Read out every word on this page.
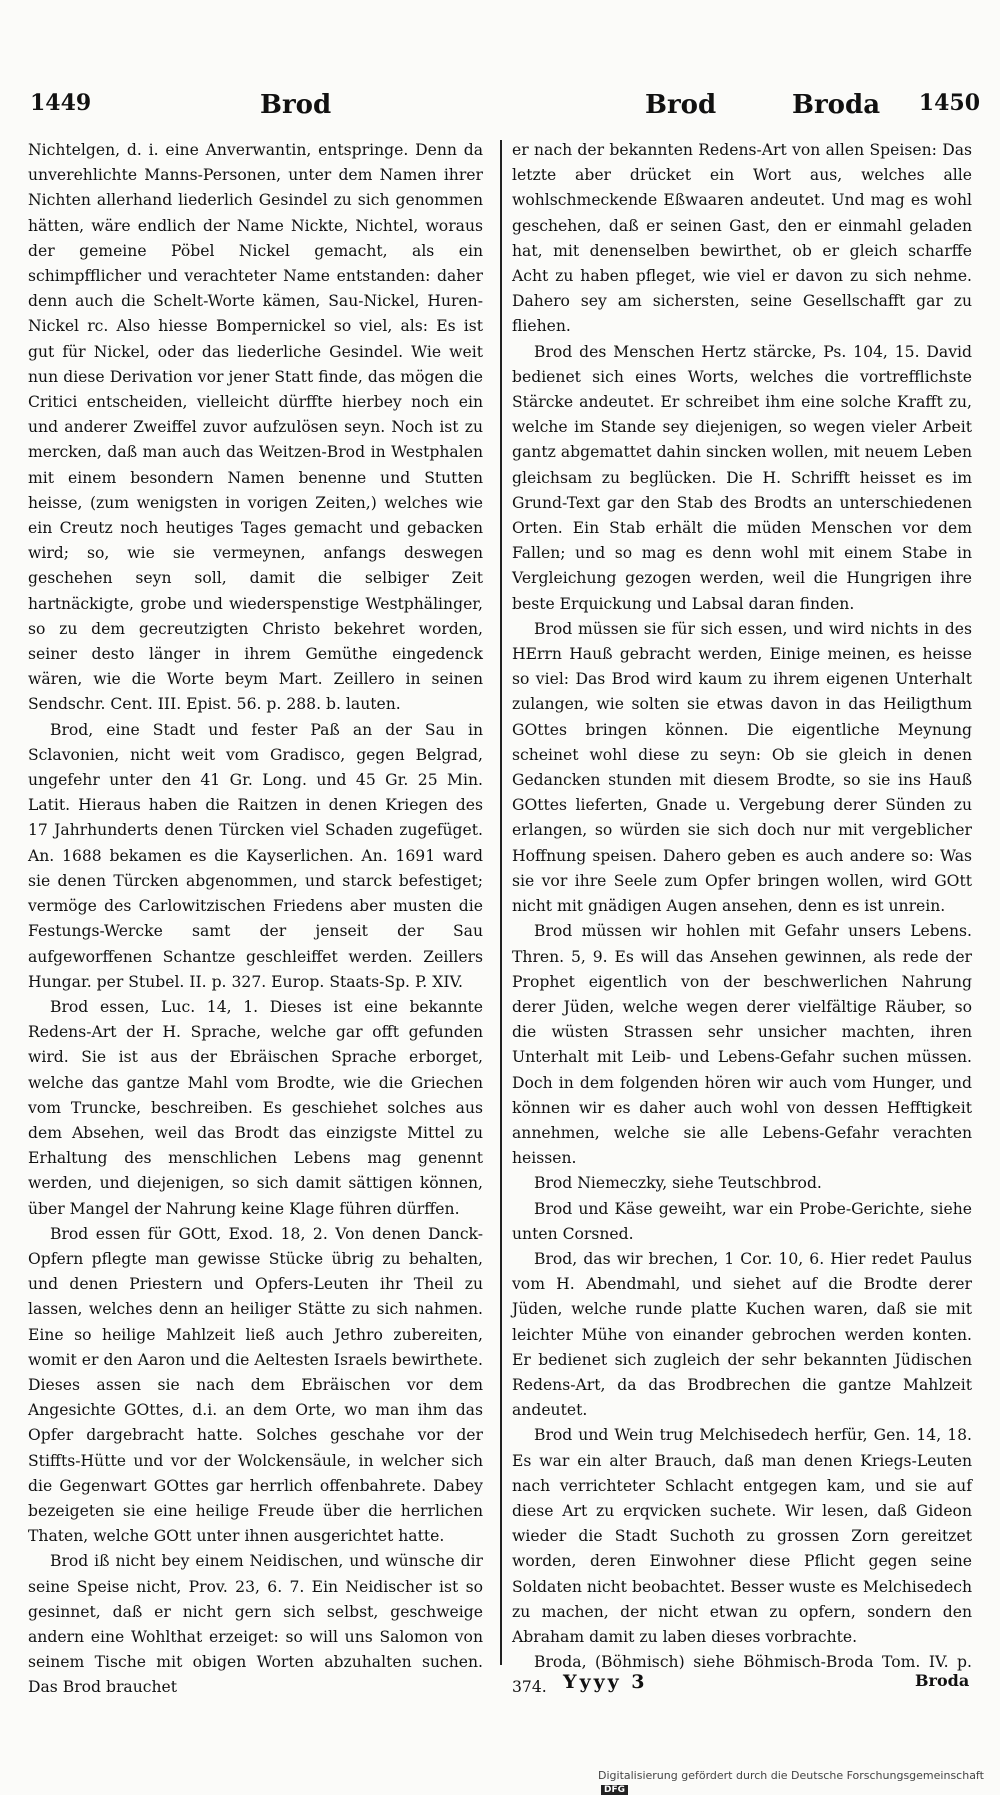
1449	Brod	Brod	Broda 1450

Nichtelgen, d. i. eine Anverwantin, entspringe. Denn da unverehlichte Manns-Personen, unter dem Namen ihrer Nichten allerhand liederlich Gesindel zu sich genommen hätten, wäre endlich der Name Nickte, Nichtel, woraus der gemeine Pöbel Nickel gemacht, als ein schimpfflicher und verachteter Name entstanden: daher denn auch die Schelt-Worte kämen, Sau-Nickel, Huren-Nickel rc. Also hiesse Bompernickel so viel, als: Es ist gut für Nickel, oder das liederliche Gesindel. Wie weit nun diese Derivation vor jener Statt finde, das mögen die Critici entscheiden, vielleicht dürffte hierbey noch ein und anderer Zweiffel zuvor aufzulösen seyn. Noch ist zu mercken, daß man auch das Weitzen-Brod in Westphalen mit einem besondern Namen benenne und Stutten heisse, (zum wenigsten in vorigen Zeiten,) welches wie ein Creutz noch heutiges Tages gemacht und gebacken wird; so, wie sie vermeynen, anfangs deswegen geschehen seyn soll, damit die selbiger Zeit hartnäckigte, grobe und wiederspenstige Westphälinger, so zu dem gecreutzigten Christo bekehret worden, seiner desto länger in ihrem Gemüthe eingedenck wären, wie die Worte beym Mart. Zeillero in seinen Sendschr. Cent. III. Epist. 56. p. 288. b. lauten.

Brod, eine Stadt und fester Paß an der Sau in Sclavonien, nicht weit vom Gradisco, gegen Belgrad, ungefehr unter den 41 Gr. Long. und 45 Gr. 25 Min. Latit. Hieraus haben die Raitzen in denen Kriegen des 17 Jahrhunderts denen Türcken viel Schaden zugefüget. An. 1688 bekamen es die Kayserlichen. An. 1691 ward sie denen Türcken abgenommen, und starck befestiget; vermöge des Carlowitzischen Friedens aber musten die Festungs-Wercke samt der jenseit der Sau aufgeworffenen Schantze geschleiffet werden. Zeillers Hungar. per Stubel. II. p. 327. Europ. Staats-Sp. P. XIV.

Brod essen, Luc. 14, 1. Dieses ist eine bekannte Redens-Art der H. Sprache, welche gar offt gefunden wird. Sie ist aus der Ebräischen Sprache erborget, welche das gantze Mahl vom Brodte, wie die Griechen vom Truncke, beschreiben. Es geschiehet solches aus dem Absehen, weil das Brodt das einzigste Mittel zu Erhaltung des menschlichen Lebens mag genennt werden, und diejenigen, so sich damit sättigen können, über Mangel der Nahrung keine Klage führen dürffen.

Brod essen für GOtt, Exod. 18, 2. Von denen Danck-Opfern pflegte man gewisse Stücke übrig zu behalten, und denen Priestern und Opfers-Leuten ihr Theil zu lassen, welches denn an heiliger Stätte zu sich nahmen. Eine so heilige Mahlzeit ließ auch Jethro zubereiten, womit er den Aaron und die Aeltesten Israels bewirthete. Dieses assen sie nach dem Ebräischen vor dem Angesichte GOttes, d.i. an dem Orte, wo man ihm das Opfer dargebracht hatte. Solches geschahe vor der Stiffts-Hütte und vor der Wolckensäule, in welcher sich die Gegenwart GOttes gar herrlich offenbahrete. Dabey bezeigeten sie eine heilige Freude über die herrlichen Thaten, welche GOtt unter ihnen ausgerichtet hatte.

Brod iß nicht bey einem Neidischen, und wünsche dir seine Speise nicht, Prov. 23, 6. 7. Ein Neidischer ist so gesinnet, daß er nicht gern sich selbst, geschweige andern eine Wohlthat erzeiget: so will uns Salomon von seinem Tische mit obigen Worten abzuhalten suchen. Das Brod brauchet

er nach der bekannten Redens-Art von allen Speisen: Das letzte aber drücket ein Wort aus, welches alle wohlschmeckende Eßwaaren andeutet. Und mag es wohl geschehen, daß er seinen Gast, den er einmahl geladen hat, mit denenselben bewirthet, ob er gleich scharffe Acht zu haben pfleget, wie viel er davon zu sich nehme. Dahero sey am sichersten, seine Gesellschafft gar zu fliehen.

Brod des Menschen Hertz stärcke, Ps. 104, 15. David bedienet sich eines Worts, welches die vortrefflichste Stärcke andeutet. Er schreibet ihm eine solche Krafft zu, welche im Stande sey diejenigen, so wegen vieler Arbeit gantz abgemattet dahin sincken wollen, mit neuem Leben gleichsam zu beglücken. Die H. Schrifft heisset es im Grund-Text gar den Stab des Brodts an unterschiedenen Orten. Ein Stab erhält die müden Menschen vor dem Fallen; und so mag es denn wohl mit einem Stabe in Vergleichung gezogen werden, weil die Hungrigen ihre beste Erquickung und Labsal daran finden.

Brod müssen sie für sich essen, und wird nichts in des HErrn Hauß gebracht werden, Einige meinen, es heisse so viel: Das Brod wird kaum zu ihrem eigenen Unterhalt zulangen, wie solten sie etwas davon in das Heiligthum GOttes bringen können. Die eigentliche Meynung scheinet wohl diese zu seyn: Ob sie gleich in denen Gedancken stunden mit diesem Brodte, so sie ins Hauß GOttes lieferten, Gnade u. Vergebung derer Sünden zu erlangen, so würden sie sich doch nur mit vergeblicher Hoffnung speisen. Dahero geben es auch andere so: Was sie vor ihre Seele zum Opfer bringen wollen, wird GOtt nicht mit gnädigen Augen ansehen, denn es ist unrein.

Brod müssen wir hohlen mit Gefahr unsers Lebens. Thren. 5, 9. Es will das Ansehen gewinnen, als rede der Prophet eigentlich von der beschwerlichen Nahrung derer Jüden, welche wegen derer vielfältige Räuber, so die wüsten Strassen sehr unsicher machten, ihren Unterhalt mit Leib- und Lebens-Gefahr suchen müssen. Doch in dem folgenden hören wir auch vom Hunger, und können wir es daher auch wohl von dessen Hefftigkeit annehmen, welche sie alle Lebens-Gefahr verachten heissen.

Brod Niemeczky, siehe Teutschbrod.

Brod und Käse geweiht, war ein Probe-Gerichte, siehe unten Corsned.

Brod, das wir brechen, 1 Cor. 10, 6. Hier redet Paulus vom H. Abendmahl, und siehet auf die Brodte derer Jüden, welche runde platte Kuchen waren, daß sie mit leichter Mühe von einander gebrochen werden konten. Er bedienet sich zugleich der sehr bekannten Jüdischen Redens-Art, da das Brodbrechen die gantze Mahlzeit andeutet.

Brod und Wein trug Melchisedech herfür, Gen. 14, 18. Es war ein alter Brauch, daß man denen Kriegs-Leuten nach verrichteter Schlacht entgegen kam, und sie auf diese Art zu erqvicken suchete. Wir lesen, daß Gideon wieder die Stadt Suchoth zu grossen Zorn gereitzet worden, deren Einwohner diese Pflicht gegen seine Soldaten nicht beobachtet. Besser wuste es Melchisedech zu machen, der nicht etwan zu opfern, sondern den Abraham damit zu laben dieses vorbrachte.

Broda, (Böhmisch) siehe Böhmisch-Broda Tom. IV. p. 374. Yyyy 3	Broda
Digitalisierung gefördert durch die Deutsche Forschungsgemeinschaft DFG
